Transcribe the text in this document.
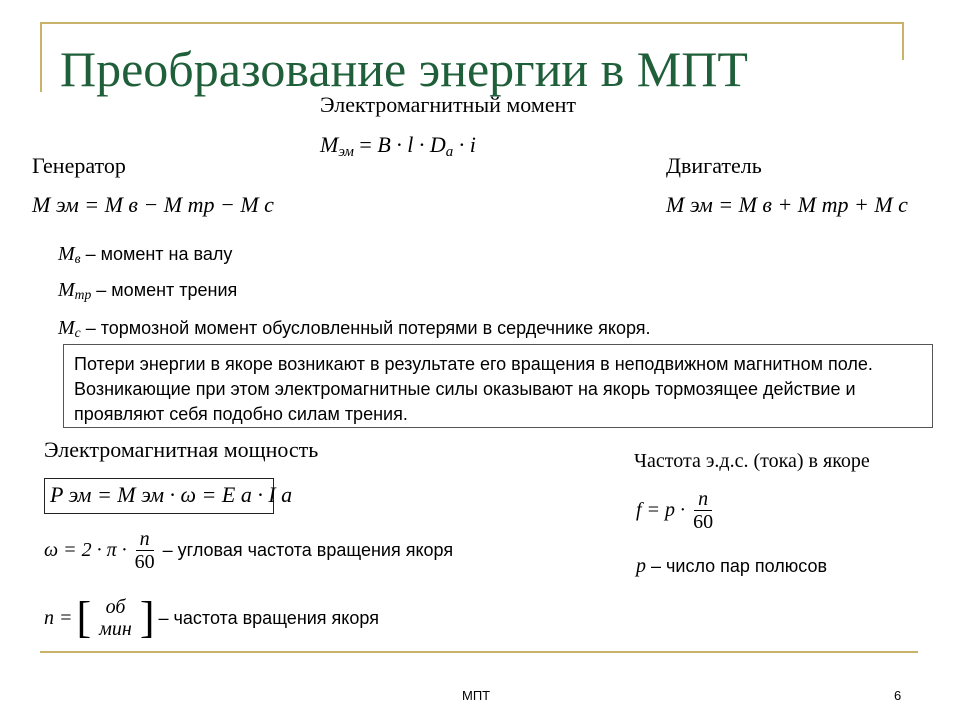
Преобразование энергии в МПТ
Электромагнитный момент
Mэм = B · l · Da · i
Генератор
M эм = M в − M тр − M с
Двигатель
M эм = M в + M тр + M с
Mв – момент на валу
Mтр – момент трения
Mс – тормозной момент обусловленный потерями в сердечнике якоря.
Потери энергии в якоре возникают в результате его вращения в неподвижном магнитном поле. Возникающие при этом электромагнитные силы оказывают на якорь тормозящее действие и проявляют себя подобно силам трения.
Электромагнитная мощность
P эм = M эм · ω = E a · I a
$\omega = 2 \cdot \pi \cdot \frac{n}{60}$ – угловая частота вращения якоря
n = [ об
мин ] – частота вращения якоря
Частота э.д.с. (тока) в якоре
$f = p \cdot \frac{n}{60}$
p – число пар полюсов
МПТ	6
